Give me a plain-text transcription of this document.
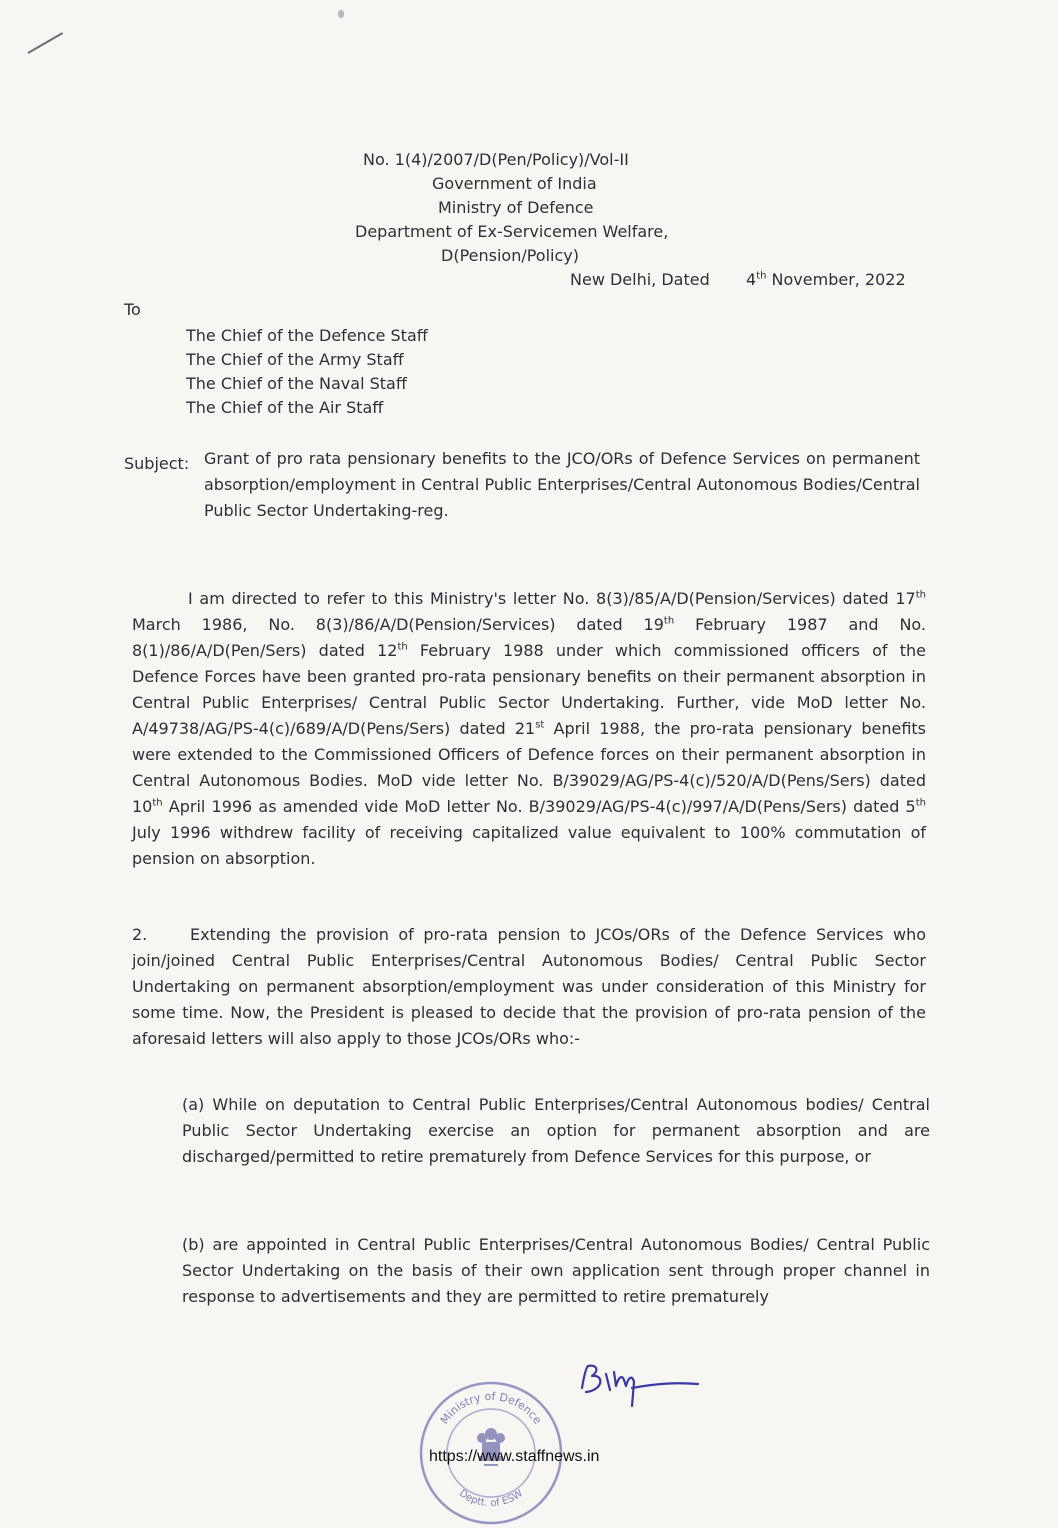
No. 1(4)/2007/D(Pen/Policy)/Vol-II
Government of India
Ministry of Defence
Department of Ex-Servicemen Welfare,
D(Pension/Policy)
New Delhi, Dated 4th November, 2022
To
The Chief of the Defence Staff
The Chief of the Army Staff
The Chief of the Naval Staff
The Chief of the Air Staff
Subject: Grant of pro rata pensionary benefits to the JCO/ORs of Defence Services on permanent absorption/employment in Central Public Enterprises/Central Autonomous Bodies/Central Public Sector Undertaking-reg.
I am directed to refer to this Ministry's letter No. 8(3)/85/A/D(Pension/Services) dated 17th March 1986, No. 8(3)/86/A/D(Pension/Services) dated 19th February 1987 and No. 8(1)/86/A/D(Pen/Sers) dated 12th February 1988 under which commissioned officers of the Defence Forces have been granted pro-rata pensionary benefits on their permanent absorption in Central Public Enterprises/ Central Public Sector Undertaking. Further, vide MoD letter No. A/49738/AG/PS-4(c)/689/A/D(Pens/Sers) dated 21st April 1988, the pro-rata pensionary benefits were extended to the Commissioned Officers of Defence forces on their permanent absorption in Central Autonomous Bodies. MoD vide letter No. B/39029/AG/PS-4(c)/520/A/D(Pens/Sers) dated 10th April 1996 as amended vide MoD letter No. B/39029/AG/PS-4(c)/997/A/D(Pens/Sers) dated 5th July 1996 withdrew facility of receiving capitalized value equivalent to 100% commutation of pension on absorption.
2.	Extending the provision of pro-rata pension to JCOs/ORs of the Defence Services who join/joined Central Public Enterprises/Central Autonomous Bodies/ Central Public Sector Undertaking on permanent absorption/employment was under consideration of this Ministry for some time. Now, the President is pleased to decide that the provision of pro-rata pension of the aforesaid letters will also apply to those JCOs/ORs who:-
(a) While on deputation to Central Public Enterprises/Central Autonomous bodies/ Central Public Sector Undertaking exercise an option for permanent absorption and are discharged/permitted to retire prematurely from Defence Services for this purpose, or
(b) are appointed in Central Public Enterprises/Central Autonomous Bodies/ Central Public Sector Undertaking on the basis of their own application sent through proper channel in response to advertisements and they are permitted to retire prematurely
Ministry of Defence
Deptt. of ESW
https://www.staffnews.in
